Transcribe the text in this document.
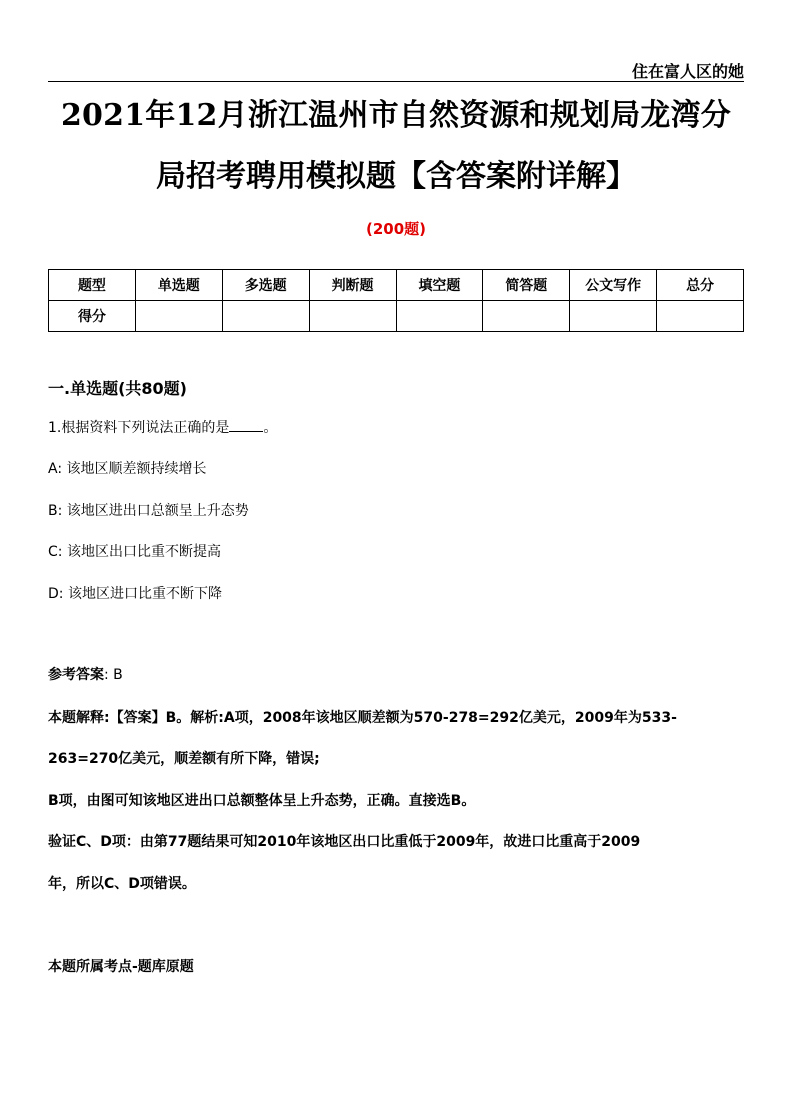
住在富人区的她
2021年12月浙江温州市自然资源和规划局龙湾分
局招考聘用模拟题【含答案附详解】
(200题)
题型	单选题	多选题	判断题	填空题	简答题	公文写作	总分
得分							
一.单选题(共80题)
1.根据资料下列说法正确的是 。
A: 该地区顺差额持续增长
B: 该地区进出口总额呈上升态势
C: 该地区出口比重不断提高
D: 该地区进口比重不断下降
参考答案: B
本题解释:【答案】B。解析:A项，2008年该地区顺差额为570-278=292亿美元，2009年为533-
263=270亿美元，顺差额有所下降，错误;
B项，由图可知该地区进出口总额整体呈上升态势，正确。直接选B。
验证C、D项：由第77题结果可知2010年该地区出口比重低于2009年，故进口比重高于2009
年，所以C、D项错误。
本题所属考点-题库原题
